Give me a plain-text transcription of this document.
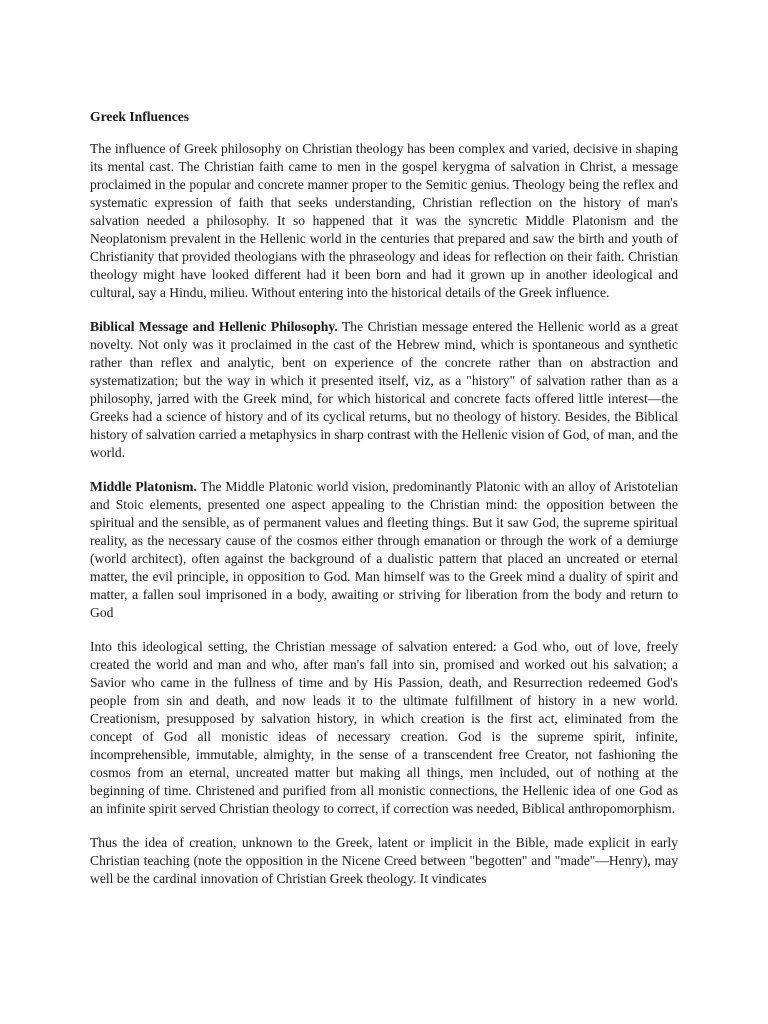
Greek Influences

The influence of Greek philosophy on Christian theology has been complex and varied, decisive in shaping its mental cast. The Christian faith came to men in the gospel kerygma of salvation in Christ, a message proclaimed in the popular and concrete manner proper to the Semitic genius. Theology being the reflex and systematic expression of faith that seeks understanding, Christian reflection on the history of man's salvation needed a philosophy. It so happened that it was the syncretic Middle Platonism and the Neoplatonism prevalent in the Hellenic world in the centuries that prepared and saw the birth and youth of Christianity that provided theologians with the phraseology and ideas for reflection on their faith. Christian theology might have looked different had it been born and had it grown up in another ideological and cultural, say a Hindu, milieu. Without entering into the historical details of the Greek influence.

Biblical Message and Hellenic Philosophy. The Christian message entered the Hellenic world as a great novelty. Not only was it proclaimed in the cast of the Hebrew mind, which is spontaneous and synthetic rather than reflex and analytic, bent on experience of the concrete rather than on abstraction and systematization; but the way in which it presented itself, viz, as a "history" of salvation rather than as a philosophy, jarred with the Greek mind, for which historical and concrete facts offered little interest—the Greeks had a science of history and of its cyclical returns, but no theology of history. Besides, the Biblical history of salvation carried a metaphysics in sharp contrast with the Hellenic vision of God, of man, and the world.

Middle Platonism. The Middle Platonic world vision, predominantly Platonic with an alloy of Aristotelian and Stoic elements, presented one aspect appealing to the Christian mind: the opposition between the spiritual and the sensible, as of permanent values and fleeting things. But it saw God, the supreme spiritual reality, as the necessary cause of the cosmos either through emanation or through the work of a demiurge (world architect), often against the background of a dualistic pattern that placed an uncreated or eternal matter, the evil principle, in opposition to God. Man himself was to the Greek mind a duality of spirit and matter, a fallen soul imprisoned in a body, awaiting or striving for liberation from the body and return to God

Into this ideological setting, the Christian message of salvation entered: a God who, out of love, freely created the world and man and who, after man's fall into sin, promised and worked out his salvation; a Savior who came in the fullness of time and by His Passion, death, and Resurrection redeemed God's people from sin and death, and now leads it to the ultimate fulfillment of history in a new world. Creationism, presupposed by salvation history, in which creation is the first act, eliminated from the concept of God all monistic ideas of necessary creation. God is the supreme spirit, infinite, incomprehensible, immutable, almighty, in the sense of a transcendent free Creator, not fashioning the cosmos from an eternal, uncreated matter but making all things, men included, out of nothing at the beginning of time. Christened and purified from all monistic connections, the Hellenic idea of one God as an infinite spirit served Christian theology to correct, if correction was needed, Biblical anthropomorphism.

Thus the idea of creation, unknown to the Greek, latent or implicit in the Bible, made explicit in early Christian teaching (note the opposition in the Nicene Creed between "begotten" and "made"—Henry), may well be the cardinal innovation of Christian Greek theology. It vindicates
